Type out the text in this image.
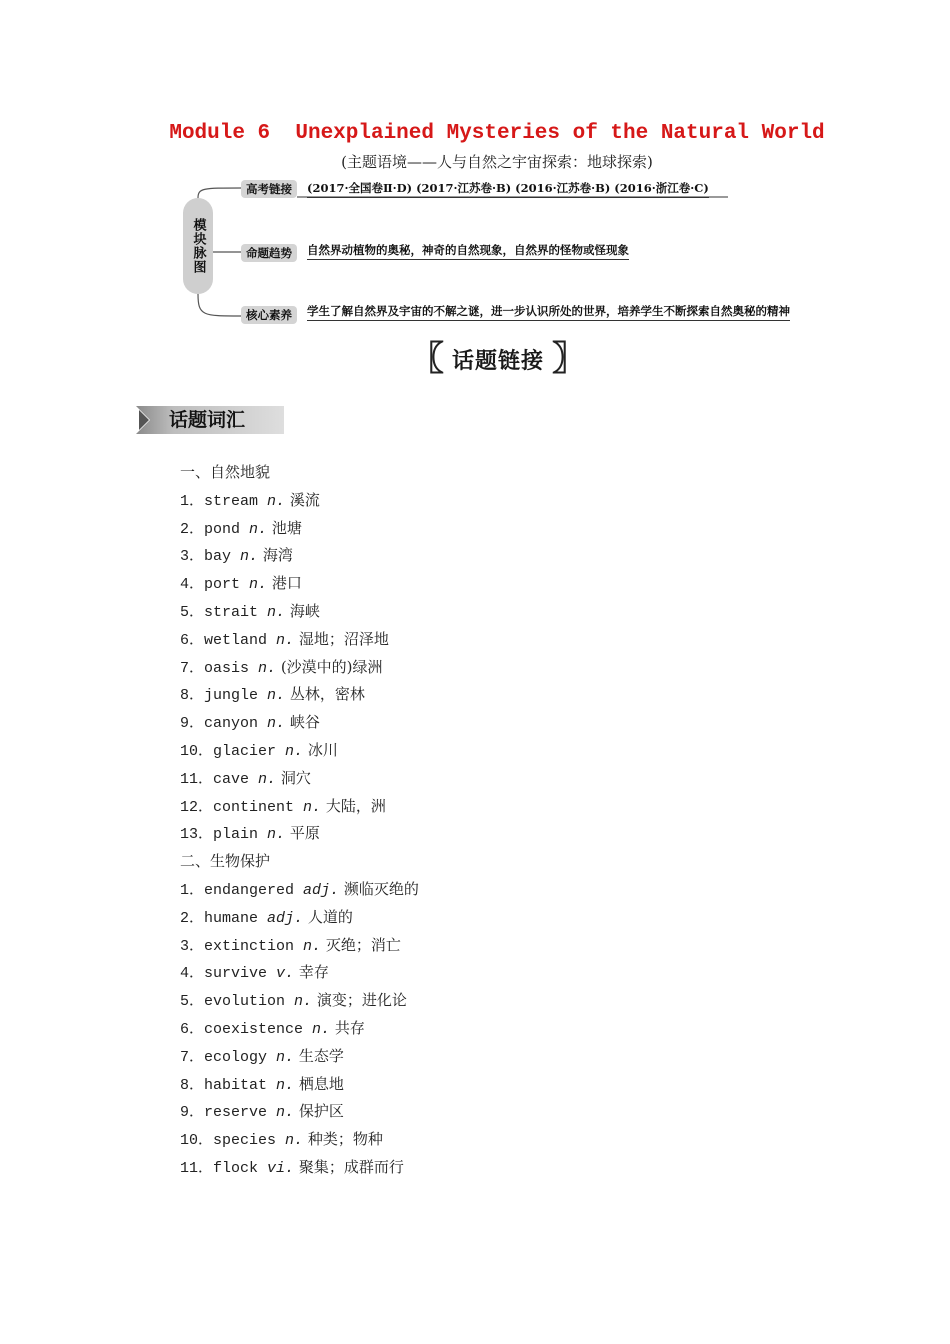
Module 6  Unexplained Mysteries of the Natural World
(主题语境——人与自然之宇宙探索：地球探索)
模块脉图
高考链接	(2017·全国卷Ⅱ·D) (2017·江苏卷·B) (2016·江苏卷·B) (2016·浙江卷·C)
命题趋势	自然界动植物的奥秘，神奇的自然现象，自然界的怪物或怪现象
核心素养	学生了解自然界及宇宙的不解之谜，进一步认识所处的世界，培养学生不断探索自然奥秘的精神
〖 话题链接 〗
话题词汇
一、自然地貌
1．stream n. 溪流
2．pond n. 池塘
3．bay n. 海湾
4．port n. 港口
5．strait n. 海峡
6．wetland n. 湿地；沼泽地
7．oasis n. (沙漠中的)绿洲
8．jungle n. 丛林，密林
9．canyon n. 峡谷
10．glacier n. 冰川
11．cave n. 洞穴
12．continent n. 大陆，洲
13．plain n. 平原
二、生物保护
1．endangered adj. 濒临灭绝的
2．humane adj. 人道的
3．extinction n. 灭绝；消亡
4．survive v. 幸存
5．evolution n. 演变；进化论
6．coexistence n. 共存
7．ecology n. 生态学
8．habitat n. 栖息地
9．reserve n. 保护区
10．species n. 种类；物种
11．flock vi. 聚集；成群而行
